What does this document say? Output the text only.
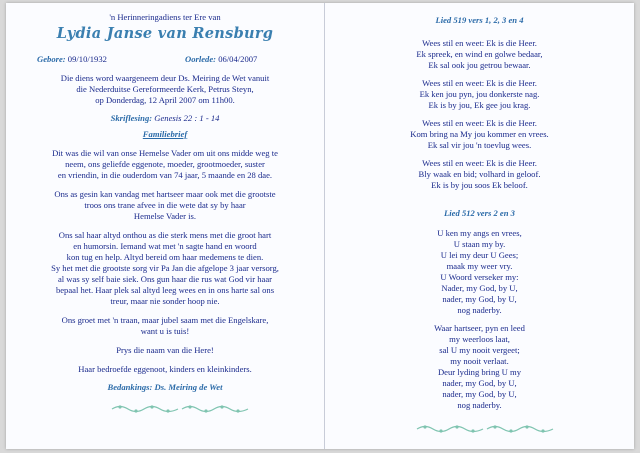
'n Herinneringadiens ter Ere van
Lydia Janse van Rensburg
Gebore: 09/10/1932	Oorlede: 06/04/2007
Die diens word waargeneem deur Ds. Meiring de Wet vanuit
die Nederduitse Gereformeerde Kerk, Petrus Steyn,
op Donderdag, 12 April 2007 om 11h00.
Skriflesing: Genesis 22 : 1 - 14
Familiebrief
Dit was die wil van onse Hemelse Vader om uit ons midde weg te
neem, ons geliefde eggenote, moeder, grootmoeder, suster
en vriendin, in die ouderdom van 74 jaar, 5 maande en 28 dae.
Ons as gesin kan vandag met hartseer maar ook met die grootste
troos ons trane afvee in die wete dat sy by haar
Hemelse Vader is.
Ons sal haar altyd onthou as die sterk mens met die groot hart
en humorsin. Iemand wat met 'n sagte hand en woord
kon tug en help. Altyd bereid om haar medemens te dien.
Sy het met die grootste sorg vir Pa Jan die afgelope 3 jaar versorg,
al was sy self baie siek. Ons gun haar die rus wat God vir haar
bepaal het. Haar plek sal altyd leeg wees en in ons harte sal ons
treur, maar nie sonder hoop nie.
Ons groet met 'n traan, maar jubel saam met die Engelskare,
want u is tuis!
Prys die naam van die Here!
Haar bedroefde eggenoot, kinders en kleinkinders.
Bedankings: Ds. Meiring de Wet
Lied 519 vers 1, 2, 3 en 4
Wees stil en weet: Ek is die Heer.
Ek spreek, en wind en golwe bedaar,
Ek sal ook jou getrou bewaar.
Wees stil en weet: Ek is die Heer.
Ek ken jou pyn, jou donkerste nag.
Ek is by jou, Ek gee jou krag.
Wees stil en weet: Ek is die Heer.
Kom bring na My jou kommer en vrees.
Ek sal vir jou 'n toevlug wees.
Wees stil en weet: Ek is die Heer.
Bly waak en bid; volhard in geloof.
Ek is by jou soos Ek beloof.
Lied 512 vers 2 en 3
U ken my angs en vrees,
U staan my by.
U lei my deur U Gees;
maak my weer vry.
U Woord verseker my:
Nader, my God, by U,
nader, my God, by U,
nog naderby.
Waar hartseer, pyn en leed
my weerloos laat,
sal U my nooit vergeet;
my nooit verlaat.
Deur lyding bring U my
nader, my God, by U,
nader, my God, by U,
nog naderby.
